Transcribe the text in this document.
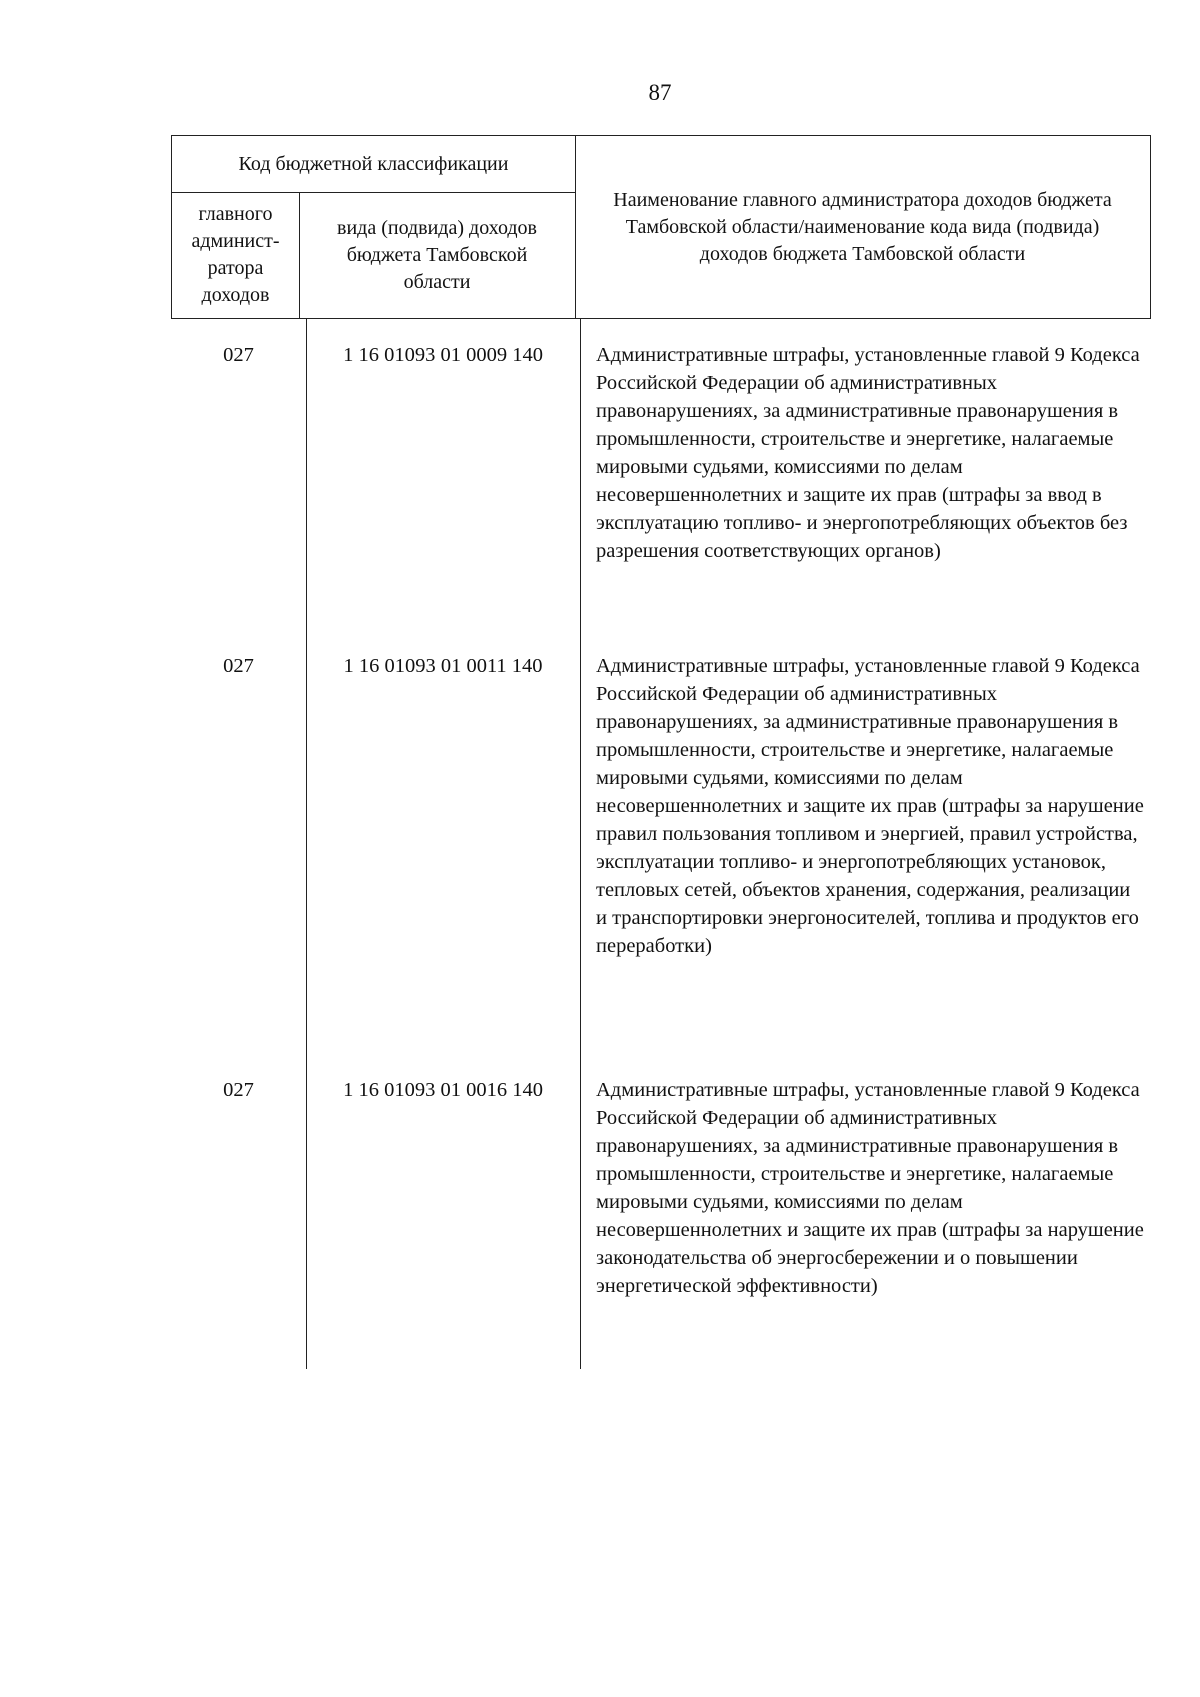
87
Код бюджетной классификации
главного админист-ратора доходов
вида (подвида) доходов бюджета Тамбовской области
Наименование главного администратора доходов бюджета Тамбовской области/наименование кода вида (подвида) доходов бюджета Тамбовской области
027	1 16 01093 01 0009 140	Административные штрафы, установленные главой 9 Кодекса Российской Федерации об административных правонарушениях, за административные правонарушения в промышленности, строительстве и энергетике, налагаемые мировыми судьями, комиссиями по делам несовершеннолетних и защите их прав (штрафы за ввод в эксплуатацию топливо- и энергопотребляющих объектов без разрешения соответствующих органов)
027	1 16 01093 01 0011 140	Административные штрафы, установленные главой 9 Кодекса Российской Федерации об административных правонарушениях, за административные правонарушения в промышленности, строительстве и энергетике, налагаемые мировыми судьями, комиссиями по делам несовершеннолетних и защите их прав (штрафы за нарушение правил пользования топливом и энергией, правил устройства, эксплуатации топливо- и энергопотребляющих установок, тепловых сетей, объектов хранения, содержания, реализации и транспортировки энергоносителей, топлива и продуктов его переработки)
027	1 16 01093 01 0016 140	Административные штрафы, установленные главой 9 Кодекса Российской Федерации об административных правонарушениях, за административные правонарушения в промышленности, строительстве и энергетике, налагаемые мировыми судьями, комиссиями по делам несовершеннолетних и защите их прав (штрафы за нарушение законодательства об энергосбережении и о повышении энергетической эффективности)
